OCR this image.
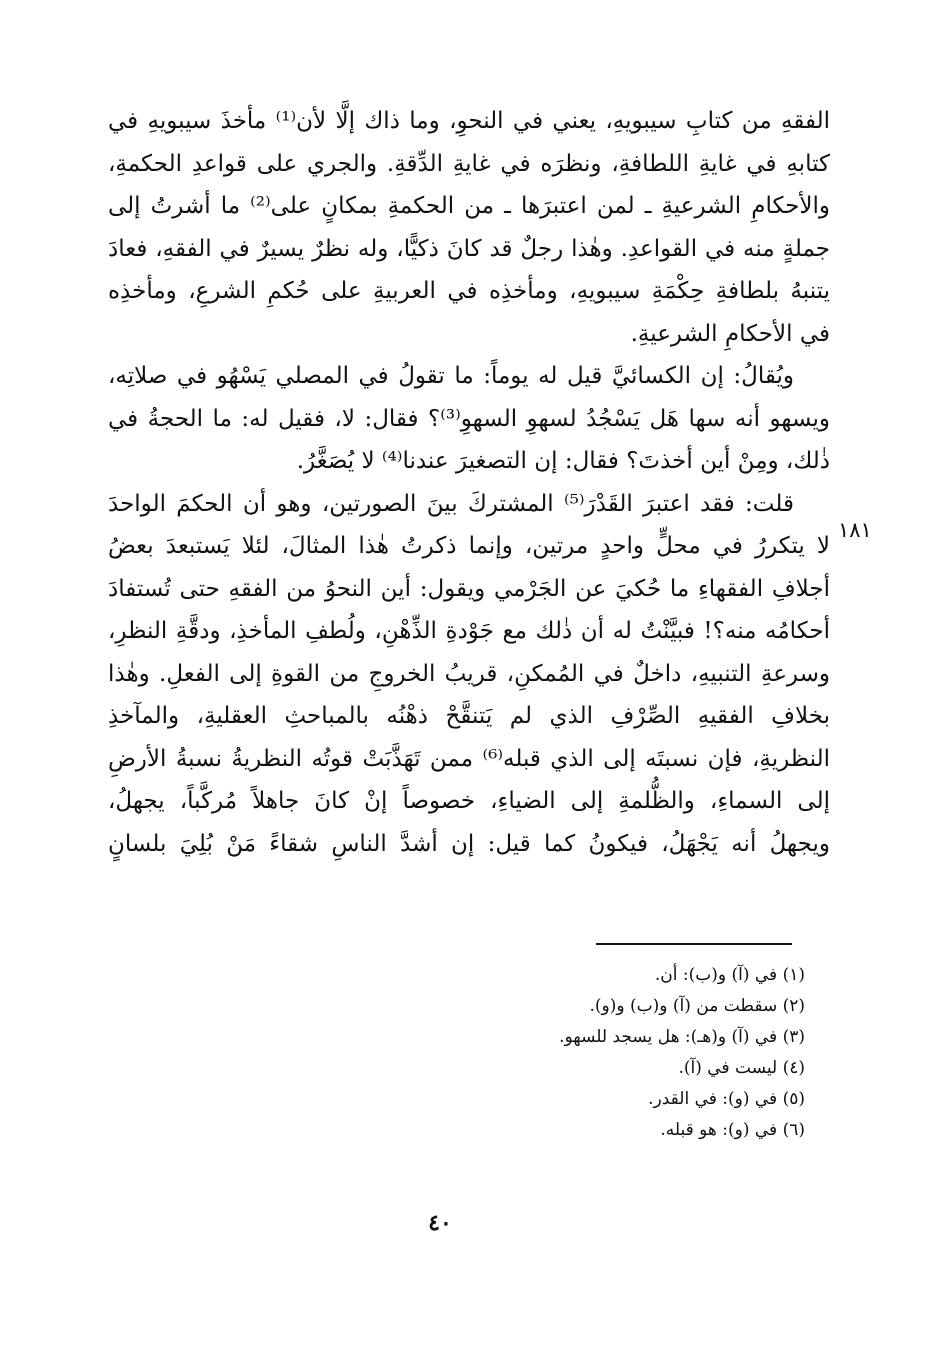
الفقهِ من كتابِ سيبويهِ، يعني في النحوِ، وما ذاك إلَّا لأن⁽¹⁾ مأخذَ سيبويهِ في
كتابهِ في غايةِ اللطافةِ، ونظرَه في غايةِ الدِّقةِ. والجري على قواعدِ الحكمةِ،
والأحكامِ الشرعيةِ ـ لمن اعتبرَها ـ من الحكمةِ بمكانٍ على⁽²⁾ ما أشرتُ إلى
جملةٍ منه في القواعدِ. وهٰذا رجلٌ قد كانَ ذكيًّا، وله نظرٌ يسيرٌ في الفقهِ، فعادَ
يتنبهُ بلطافةِ حِكْمَةِ سيبويهِ، ومأخذِه في العربيةِ على حُكمِ الشرعِ، ومأخذِه
في الأحكامِ الشرعيةِ.

ويُقالُ: إن الكسائيَّ قيل له يوماً: ما تقولُ في المصلي يَسْهُو في صلاتِه،
ويسهو أنه سها هَل يَسْجُدُ لسهوِ السهوِ⁽³⁾؟ فقال: لا، فقيل له: ما الحجةُ في
ذٰلك، ومِنْ أين أخذتَ؟ فقال: إن التصغيرَ عندنا⁽⁴⁾ لا يُصَغَّرُ.

قلت: فقد اعتبرَ القَدْرَ⁽⁵⁾ المشتركَ بينَ الصورتين، وهو أن الحكمَ الواحدَ
لا يتكررُ في محلٍّ واحدٍ مرتين، وإنما ذكرتُ هٰذا المثالَ، لئلا يَستبعدَ بعضُ
أجلافِ الفقهاءِ ما حُكيَ عن الجَرْمي ويقول: أين النحوُ من الفقهِ حتى تُستفادَ
أحكامُه منه؟! فبيَّنْتُ له أن ذٰلك مع جَوْدةِ الذِّهْنِ، ولُطفِ المأخذِ، ودقَّةِ النظرِ،
وسرعةِ التنبيهِ، داخلٌ في المُمكنِ، قريبُ الخروجِ من القوةِ إلى الفعلِ. وهٰذا
بخلافِ الفقيهِ الصِّرْفِ الذي لم يَتنقَّحْ ذهْنُه بالمباحثِ العقليةِ، والمآخذِ
النظريةِ، فإن نسبتَه إلى الذي قبله⁽⁶⁾ ممن تَهَذَّبَتْ قوتُه النظريةُ نسبةُ الأرضِ
إلى السماءِ، والظُّلمةِ إلى الضياءِ، خصوصاً إنْ كانَ جاهلاً مُركَّباً، يجهلُ،
ويجهلُ أنه يَجْهَلُ، فيكونُ كما قيل: إن أشدَّ الناسِ شقاءً مَنْ بُلِيَ بلسانٍ

١٨١
(١) في (آ) و(ب): أن.
(٢) سقطت من (آ) و(ب) و(و).
(٣) في (آ) و(هـ): هل يسجد للسهو.
(٤) ليست في (آ).
(٥) في (و): في القدر.
(٦) في (و): هو قبله.
٤٠
